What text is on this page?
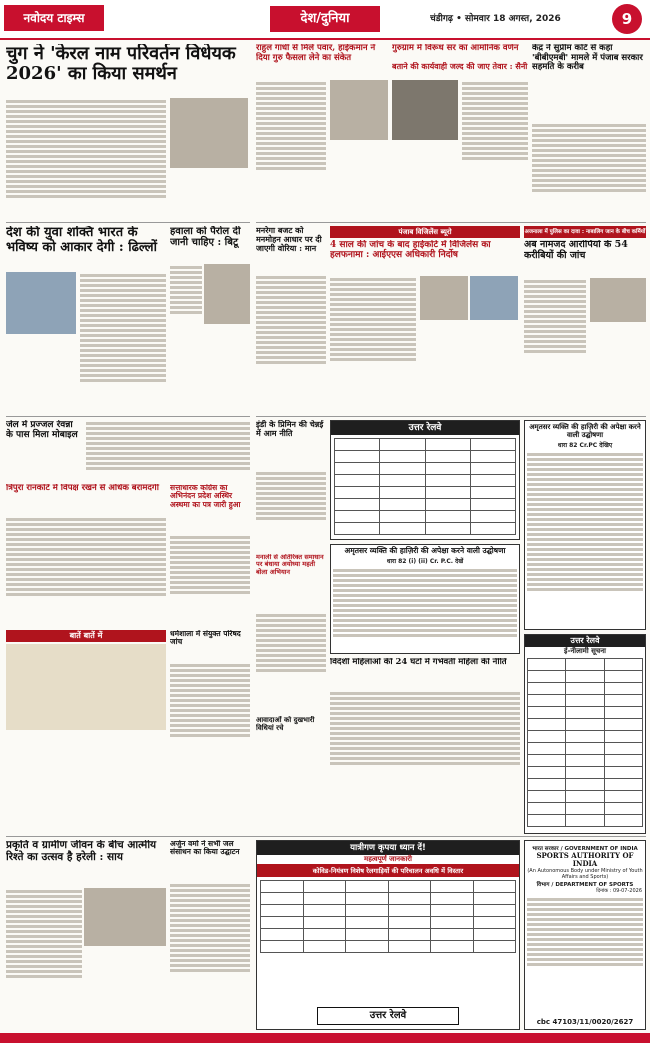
नवोदय टाइम्स	देश/दुनिया	चंडीगढ़ • सोमवार 18 अगस्त, 2026	9
चुग ने 'केरल नाम परिवर्तन विधेयक 2026' का किया समर्थन
देश की युवा शक्ति भारत के भविष्य को आकार देगी : ढिल्लों
हवाला को पैरोल दी जानी चाहिए : बिटू
राहुल गांधी से मिले पवार, हाईकमान ने दिया गुरु फैसला लेने का संकेत
गुरुग्राम में विरूध सर का आर्मोनिक वर्णन
बताने की कार्यवाही जल्द की जाए तेवार : सैनी
केंद्र ने सुप्रीम कोर्ट से कहा 'बीबीएमबी' मामले में पंजाब सरकार सहमति के करीब
मनरेगा बजट को मनमोहन आधार पर दी जाएगी वोरिया : मान
पंजाब विजिलेंस ब्यूरो
4 साल की जांच के बाद हाईकोर्ट में विजिलेंस का हलफनामा : आईएएस अधिकारी निर्दोष
अजनाला में पुलिस का दावा : नाबालिग जान के बीच कर्मियों
अब नामजद आरोपियों के 54 करीबियों की जांच
जेल में प्रज्जल रेवन्ना के पास मिला मोबाइल
त्रिपुरा रानकोर्ट में विपक्ष रखने से अधिक बरामदगी	सत्ताधारक कांग्रेस का अभिनंदन प्रदेश अस्थिर अस्थमा का पत्र जारी हुआ
बातें बातें में
इंडी के प्रिमिन की चेन्नई में आम नीति
मनाली से अतिरिक्त समाधान पर बंधाया अयोध्या महती बोला अभियान
उत्तर रेलवे

				अमृतसर व्यक्ति की हाज़िरी की अपेक्षा करने वाली उद्घोषणा
धारा 82 Cr.PC देखिए
अमृतसर व्यक्ति की हाज़िरी की अपेक्षा करने वाली उद्घोषणा
धारा 82 (i) (ii) Cr. P.C. देखें
उत्तर रेलवे
ई-नीलामी सूचना

धर्मशाला में संयुक्त परिषद जांच
आवादाओं को दुखभारी विधियां रचे
विदेशी महिलाओं की 24 घंटों में गर्भवती महिला की नीति
प्रकृति व ग्रामीण जीवन के बीच आत्मीय रिश्ते का उत्सव है हरेली : साय
अर्जुन वर्मा ने सभी जल संसाधन का किया उद्घाटन	यात्रीगण कृपया ध्यान दें!
महत्वपूर्ण जानकारी
कोविड-नियंत्रण विशेष रेलगाड़ियों की परिचालन अवधि में विस्तार

उत्तर रेलवे
भारत सरकार / GOVERNMENT OF INDIA
SPORTS AUTHORITY OF INDIA
(An Autonomous Body under Ministry of Youth Affairs and Sports)
विभाग / DEPARTMENT OF SPORTS
दिनांक : 09-07-2026
cbc 47103/11/0020/2627
